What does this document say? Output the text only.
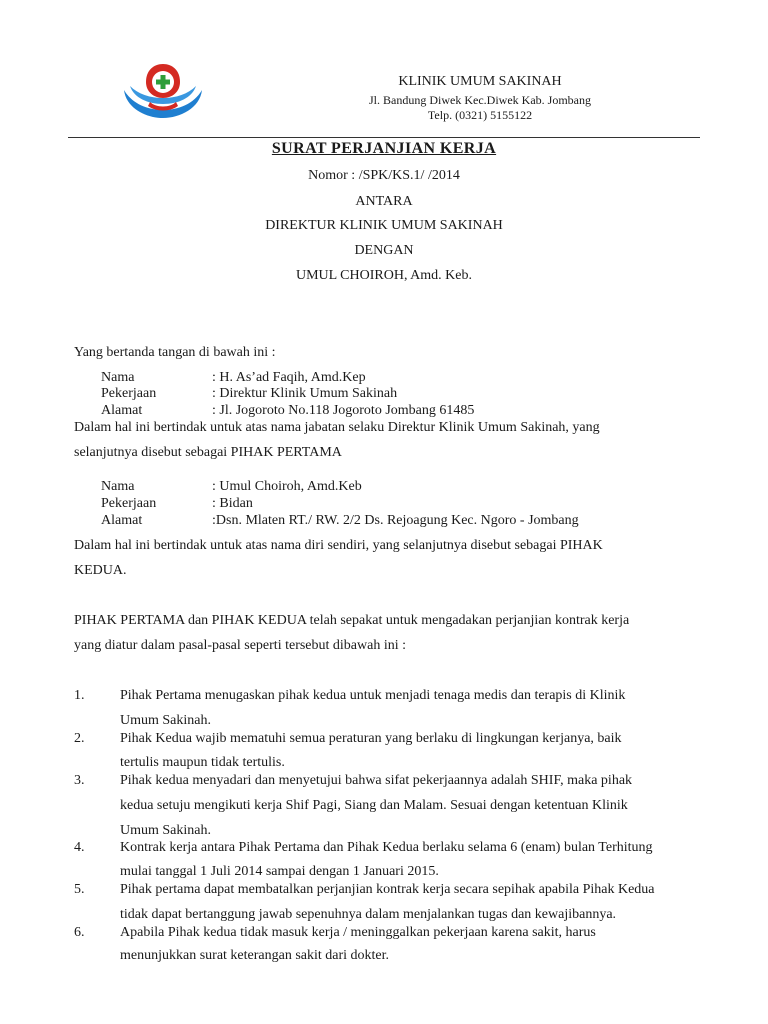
KLINIK UMUM SAKINAH
Jl. Bandung Diwek Kec.Diwek Kab. Jombang
Telp. (0321) 5155122
SURAT PERJANJIAN KERJA
Nomor : /SPK/KS.1/ /2014
ANTARA
DIREKTUR KLINIK UMUM SAKINAH
DENGAN
UMUL CHOIROH, Amd. Keb.
Yang bertanda tangan di bawah ini :
Nama	: H. As’ad Faqih, Amd.Kep
Pekerjaan	: Direktur Klinik Umum Sakinah
Alamat	: Jl. Jogoroto No.118 Jogoroto Jombang 61485
Dalam hal ini bertindak untuk atas nama jabatan selaku Direktur Klinik Umum Sakinah, yang
selanjutnya disebut sebagai PIHAK PERTAMA
Nama	: Umul Choiroh, Amd.Keb
Pekerjaan	: Bidan
Alamat	:Dsn. Mlaten RT./ RW. 2/2 Ds. Rejoagung Kec. Ngoro - Jombang
Dalam hal ini bertindak untuk atas nama diri sendiri, yang selanjutnya disebut sebagai PIHAK
KEDUA.
PIHAK PERTAMA dan PIHAK KEDUA telah sepakat untuk mengadakan perjanjian kontrak kerja
yang diatur dalam pasal-pasal seperti tersebut dibawah ini :
1.	Pihak Pertama menugaskan pihak kedua untuk menjadi tenaga medis dan terapis di Klinik
Umum Sakinah.
2.	Pihak Kedua wajib mematuhi semua peraturan yang berlaku di lingkungan kerjanya, baik
tertulis maupun tidak tertulis.
3.	Pihak kedua menyadari dan menyetujui bahwa sifat pekerjaannya adalah SHIF, maka pihak
kedua setuju mengikuti kerja Shif Pagi, Siang dan Malam. Sesuai dengan ketentuan Klinik
Umum Sakinah.
4.	Kontrak kerja antara Pihak Pertama dan Pihak Kedua berlaku selama 6 (enam) bulan Terhitung
mulai tanggal 1 Juli 2014 sampai dengan 1 Januari 2015.
5.	Pihak pertama dapat membatalkan perjanjian kontrak kerja secara sepihak apabila Pihak Kedua
tidak dapat bertanggung jawab sepenuhnya dalam menjalankan tugas dan kewajibannya.
6.	Apabila Pihak kedua tidak masuk kerja / meninggalkan pekerjaan karena sakit, harus
menunjukkan surat keterangan sakit dari dokter.
